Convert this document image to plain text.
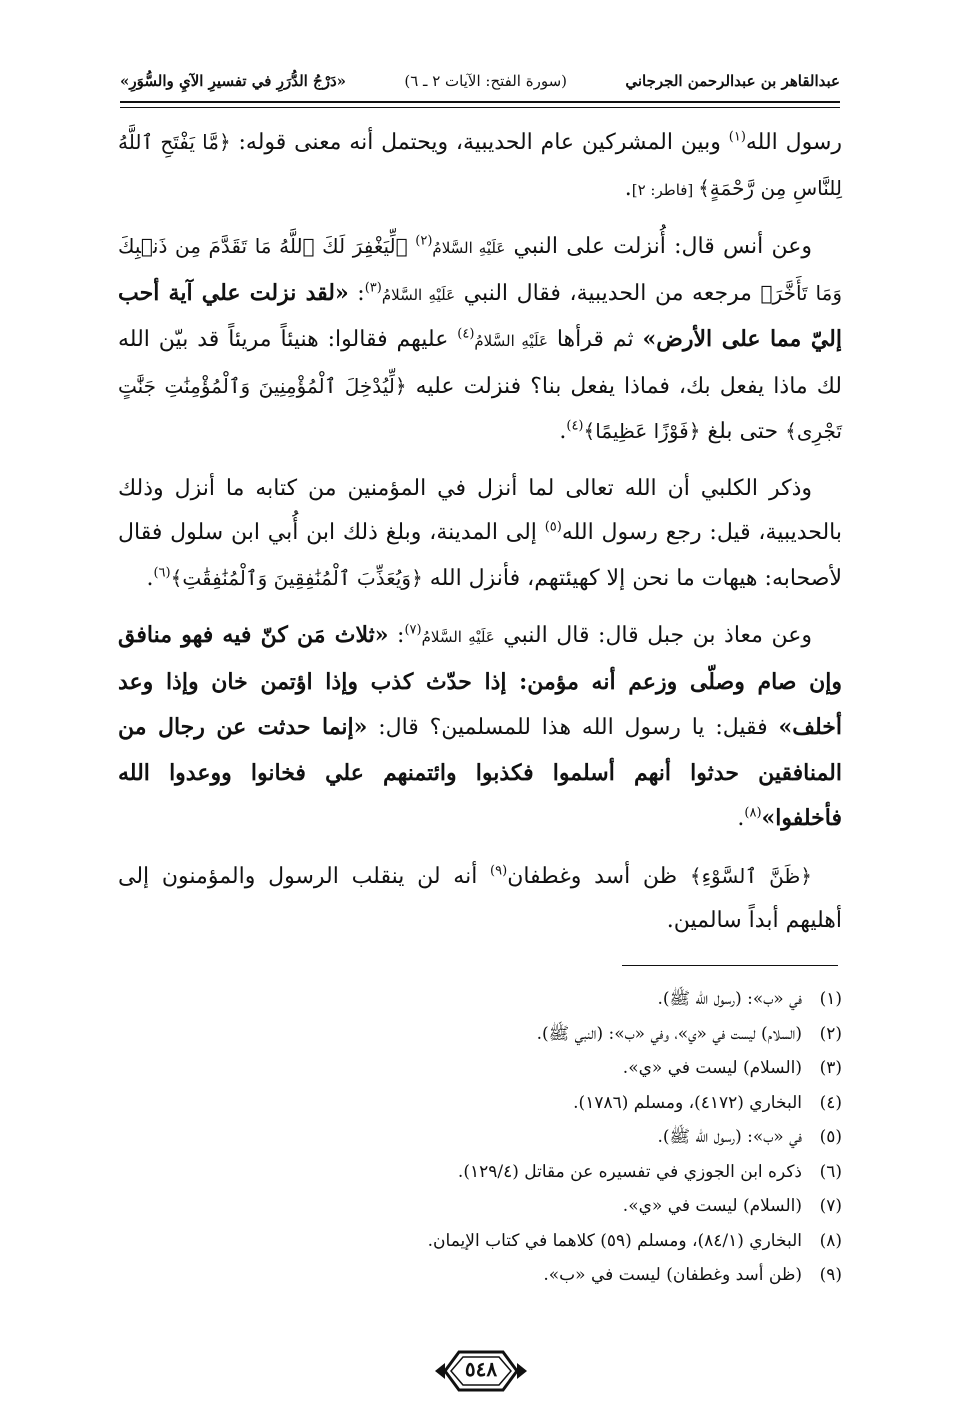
عبدالقاهر بن عبدالرحمن الجرجاني
(سورة الفتح: الآيات ٢ ـ ٦)
«دَرْجُ الدُّرَرِ في تفسيرِ الآيِ والسُّوَرِ»

رسول الله$^{(١)}$ وبين المشركين عام الحديبية، ويحتمل أنه معنى قوله: ﴿مَّا يَفْتَحِ ٱللَّهُ لِلنَّاسِ مِن رَّحْمَةٍ﴾ [فاطر: ٢].

وعن أنس قال: أُنزلت على النبي عَلَيْهِ السَّلامُ$^{(٢)}$ ﴿لِّيَغْفِرَ لَكَ ٱللَّهُ مَا تَقَدَّمَ مِن ذَنۢبِكَ وَمَا تَأَخَّرَ﴾ مرجعه من الحديبية، فقال النبي عَلَيْهِ السَّلامُ$^{(٣)}$: «لقد نزلت علي آية أحب إليّ مما على الأرض» ثم قرأها عَلَيْهِ السَّلامُ$^{(٤)}$ عليهم فقالوا: هنيئاً مريئاً قد بيّن الله لك ماذا يفعل بك، فماذا يفعل بنا؟ فنزلت عليه ﴿لِّيُدْخِلَ ٱلْمُؤْمِنِينَ وَٱلْمُؤْمِنَٰتِ جَنَّٰتٍ تَجْرِى﴾ حتى بلغ ﴿فَوْزًا عَظِيمًا﴾$^{(٤)}$.

وذكر الكلبي أن الله تعالى لما أنزل في المؤمنين من كتابه ما أنزل وذلك بالحديبية، قيل: رجع رسول الله$^{(٥)}$ إلى المدينة، وبلغ ذلك ابن أُبي ابن سلول فقال لأصحابه: هيهات ما نحن إلا كهيئتهم، فأنزل الله ﴿وَيُعَذِّبَ ٱلْمُنَٰفِقِينَ وَٱلْمُنَٰفِقَٰتِ﴾$^{(٦)}$.

وعن معاذ بن جبل قال: قال النبي عَلَيْهِ السَّلامُ$^{(٧)}$: «ثلاث مَن كنّ فيه فهو منافق وإن صام وصلّى وزعم أنه مؤمن: إذا حدّث كذب وإذا اؤتمن خان وإذا وعد أخلف» فقيل: يا رسول الله هذا للمسلمين؟ قال: «إنما حدثت عن رجال من المنافقين حدثوا أنهم أسلموا فكذبوا وائتمنهم علي فخانوا ووعدوا الله فأخلفوا»$^{(٨)}$.

﴿ظَنَّ ٱلسَّوْءِ﴾ ظن أسد وغطفان$^{(٩)}$ أنه لن ينقلب الرسول والمؤمنون إلى أهليهم أبداً سالمين.

(١)
في «ب»: (رسول الله ﷺ).
(٢)
(السلام) ليست في «ي»، وفي «ب»: (النبي ﷺ).
(٣)
(السلام) ليست في «ي».
(٤)
البخاري (٤١٧٢)، ومسلم (١٧٨٦).
(٥)
في «ب»: (رسول الله ﷺ).
(٦)
ذكره ابن الجوزي في تفسيره عن مقاتل (١٢٩/٤).
(٧)
(السلام) ليست في «ي».
(٨)
البخاري (٨٤/١)، ومسلم (٥٩) كلاهما في كتاب الإيمان.
(٩)
(ظن أسد وغطفان) ليست في «ب».
٥٤٨
